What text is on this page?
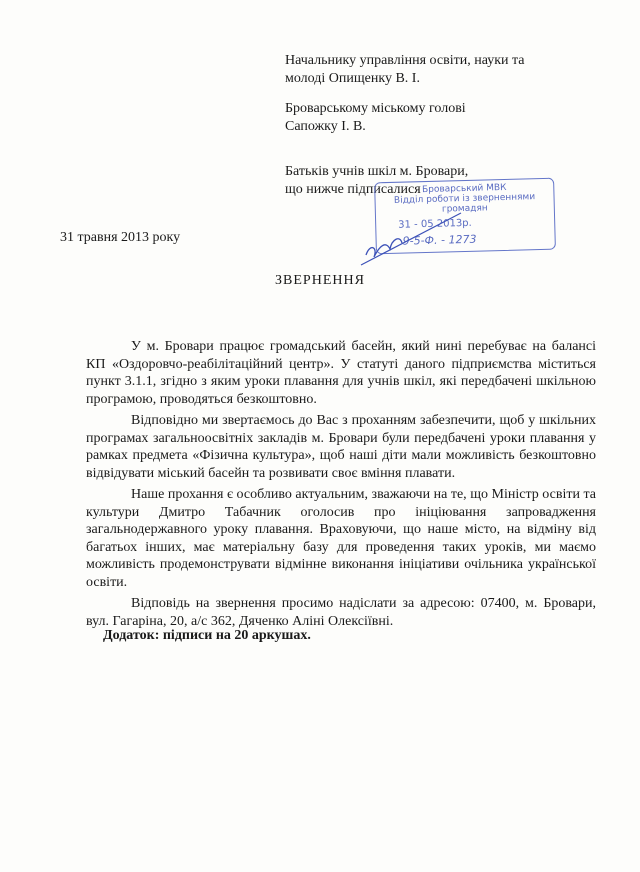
Начальнику управління освіти, науки та
молоді Опищенку В. І.

Броварському міському голові
Сапожку І. В.

Батьків учнів шкіл м. Бровари,

що нижче підписалися Броварський МВК
Відділ роботи із зверненнями
громадян
31 - 05 2013р.
9-5-Ф. - 1273
31 травня 2013 року
ЗВЕРНЕННЯ

У м. Бровари працює громадський басейн, який нині перебуває на балансі КП «Оздоровчо-реабілітаційний центр». У статуті даного підприємства міститься пункт 3.1.1, згідно з яким уроки плавання для учнів шкіл, які передбачені шкільною програмою, проводяться безкоштовно.

Відповідно ми звертаємось до Вас з проханням забезпечити, щоб у шкільних програмах загальноосвітніх закладів м. Бровари були передбачені уроки плавання у рамках предмета «Фізична культура», щоб наші діти мали можливість безкоштовно відвідувати міський басейн та розвивати своє вміння плавати.

Наше прохання є особливо актуальним, зважаючи на те, що Міністр освіти та культури Дмитро Табачник оголосив про ініціювання запровадження загальнодержавного уроку плавання. Враховуючи, що наше місто, на відміну від багатьох інших, має матеріальну базу для проведення таких уроків, ми маємо можливість продемонструвати відмінне виконання ініціативи очільника української освіти.

Відповідь на звернення просимо надіслати за адресою: 07400, м. Бровари, вул. Гагаріна, 20, а/с 362, Дяченко Аліні Олексіївні.

Додаток: підписи на 20 аркушах.
